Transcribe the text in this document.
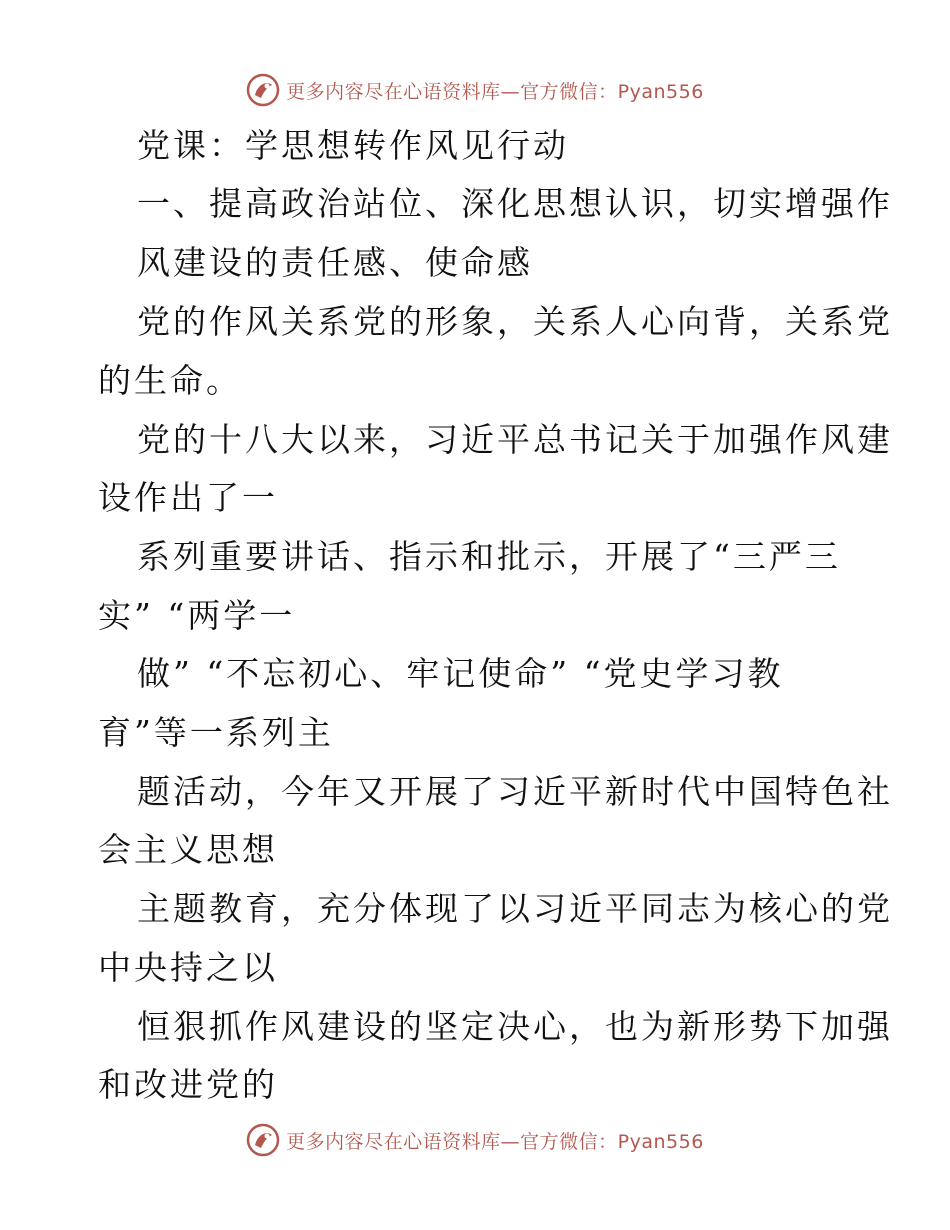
更多内容尽在心语资料库—官方微信：Pyan556
党课：学思想转作风见行动
一、提高政治站位、深化思想认识，切实增强作
风建设的责任感、使命感
党的作风关系党的形象，关系人心向背，关系党
的生命。
党的十八大以来，习近平总书记关于加强作风建
设作出了一
系列重要讲话、指示和批示，开展了“三严三
实” “两学一
做” “不忘初心、牢记使命” “党史学习教
育”等一系列主
题活动，今年又开展了习近平新时代中国特色社
会主义思想
主题教育，充分体现了以习近平同志为核心的党
中央持之以
恒狠抓作风建设的坚定决心，也为新形势下加强
和改进党的
更多内容尽在心语资料库—官方微信：Pyan556
